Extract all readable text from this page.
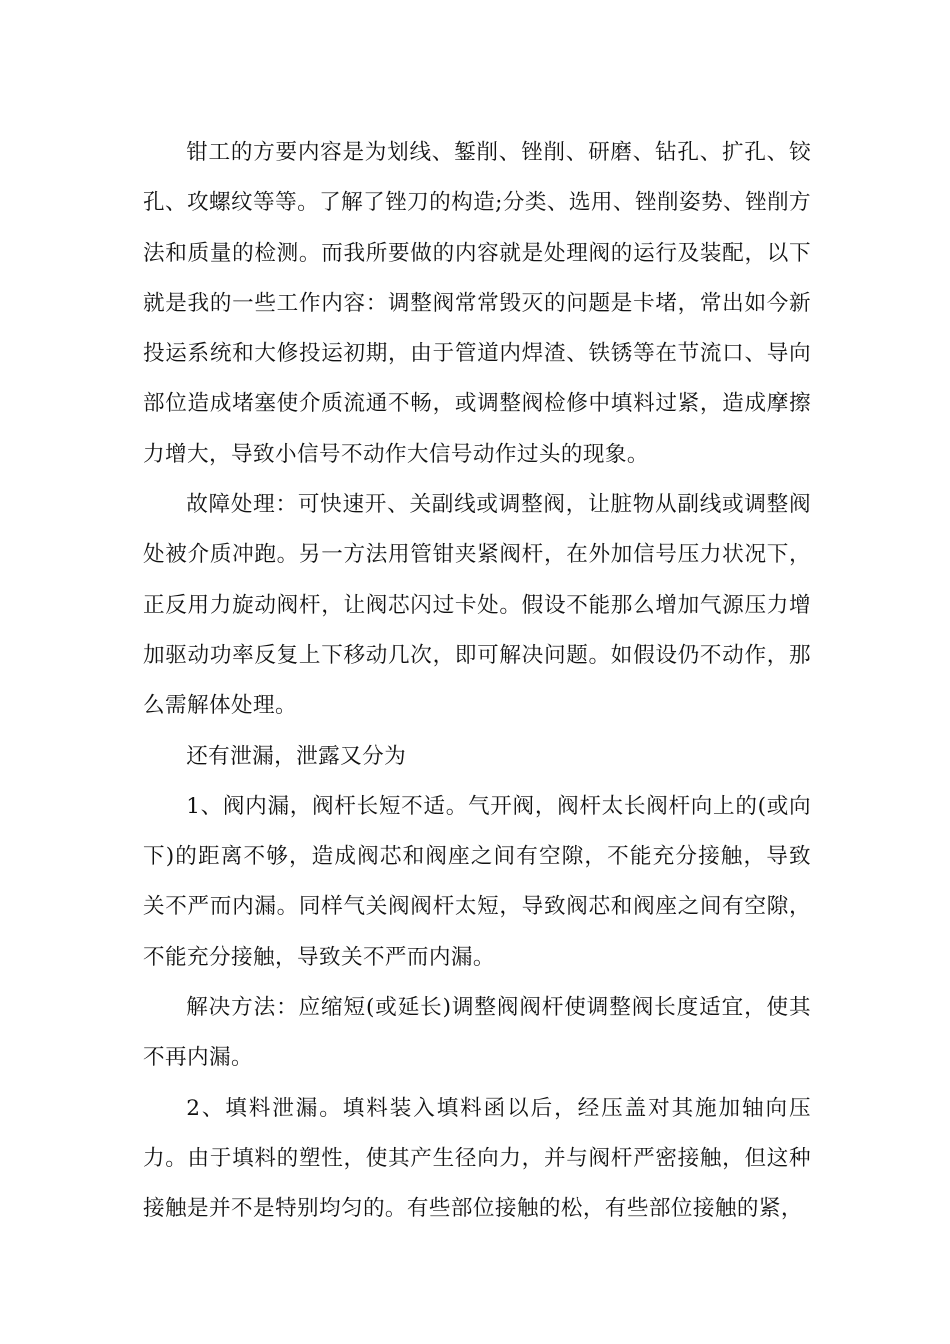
钳工的方要内容是为划线、錾削、锉削、研磨、钻孔、扩孔、铰孔、攻螺纹等等。了解了锉刀的构造;分类、选用、锉削姿势、锉削方法和质量的检测。而我所要做的内容就是处理阀的运行及装配，以下就是我的一些工作内容：调整阀常常毁灭的问题是卡堵，常出如今新投运系统和大修投运初期，由于管道内焊渣、铁锈等在节流口、导向部位造成堵塞使介质流通不畅，或调整阀检修中填料过紧，造成摩擦力增大，导致小信号不动作大信号动作过头的现象。

故障处理：可快速开、关副线或调整阀，让脏物从副线或调整阀处被介质冲跑。另一方法用管钳夹紧阀杆，在外加信号压力状况下，正反用力旋动阀杆，让阀芯闪过卡处。假设不能那么增加气源压力增加驱动功率反复上下移动几次，即可解决问题。如假设仍不动作，那么需解体处理。

还有泄漏，泄露又分为

1、阀内漏，阀杆长短不适。气开阀，阀杆太长阀杆向上的(或向下)的距离不够，造成阀芯和阀座之间有空隙，不能充分接触，导致关不严而内漏。同样气关阀阀杆太短，导致阀芯和阀座之间有空隙，不能充分接触，导致关不严而内漏。

解决方法：应缩短(或延长)调整阀阀杆使调整阀长度适宜，使其不再内漏。

2、填料泄漏。填料装入填料函以后，经压盖对其施加轴向压力。由于填料的塑性，使其产生径向力，并与阀杆严密接触，但这种接触是并不是特别均匀的。有些部位接触的松，有些部位接触的紧，
